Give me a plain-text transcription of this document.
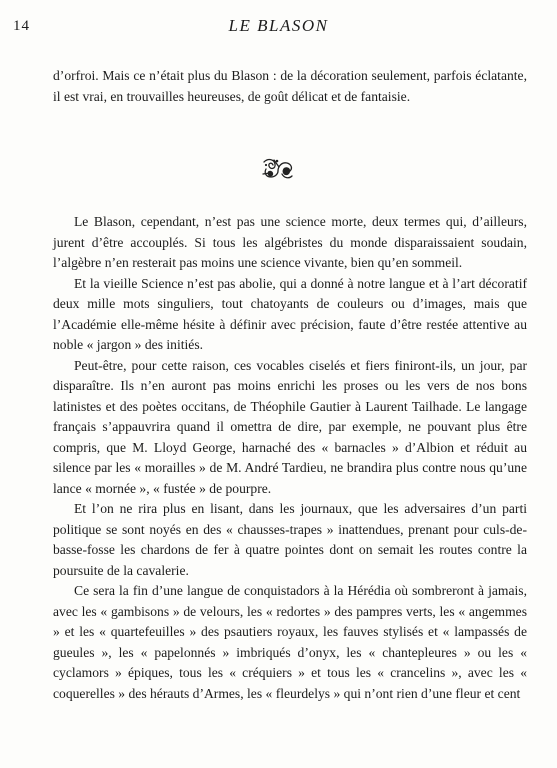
14	LE BLASON

d’orfroi. Mais ce n’était plus du Blason : de la décoration seulement, parfois éclatante, il est vrai, en trouvailles heureuses, de goût délicat et de fantaisie.

Le Blason, cependant, n’est pas une science morte, deux termes qui, d’ailleurs, jurent d’être accouplés. Si tous les algébristes du monde disparaissaient soudain, l’algèbre n’en resterait pas moins une science vivante, bien qu’en sommeil.

Et la vieille Science n’est pas abolie, qui a donné à notre langue et à l’art décoratif deux mille mots singuliers, tout chatoyants de couleurs ou d’images, mais que l’Académie elle-même hésite à définir avec précision, faute d’être restée attentive au noble « jargon » des initiés.

Peut-être, pour cette raison, ces vocables ciselés et fiers finiront-ils, un jour, par disparaître. Ils n’en auront pas moins enrichi les proses ou les vers de nos bons latinistes et des poètes occitans, de Théophile Gautier à Laurent Tailhade. Le langage français s’appauvrira quand il omettra de dire, par exemple, ne pouvant plus être compris, que M. Lloyd George, harnaché des « barnacles » d’Albion et réduit au silence par les « morailles » de M. André Tardieu, ne brandira plus contre nous qu’une lance « mornée », « fustée » de pourpre.

Et l’on ne rira plus en lisant, dans les journaux, que les adversaires d’un parti politique se sont noyés en des « chausses-trapes » inattendues, prenant pour culs-de-basse-fosse les chardons de fer à quatre pointes dont on semait les routes contre la poursuite de la cavalerie.

Ce sera la fin d’une langue de conquistadors à la Hérédia où sombreront à jamais, avec les « gambisons » de velours, les « redortes » des pampres verts, les « angemmes » et les « quartefeuilles » des psautiers royaux, les fauves stylisés et « lampassés de gueules », les « papelonnés » imbriqués d’onyx, les « chantepleures » ou les « cyclamors » épiques, tous les « créquiers » et tous les « crancelins », avec les « coquerelles » des hérauts d’Armes, les « fleurdelys » qui n’ont rien d’une fleur et cent
